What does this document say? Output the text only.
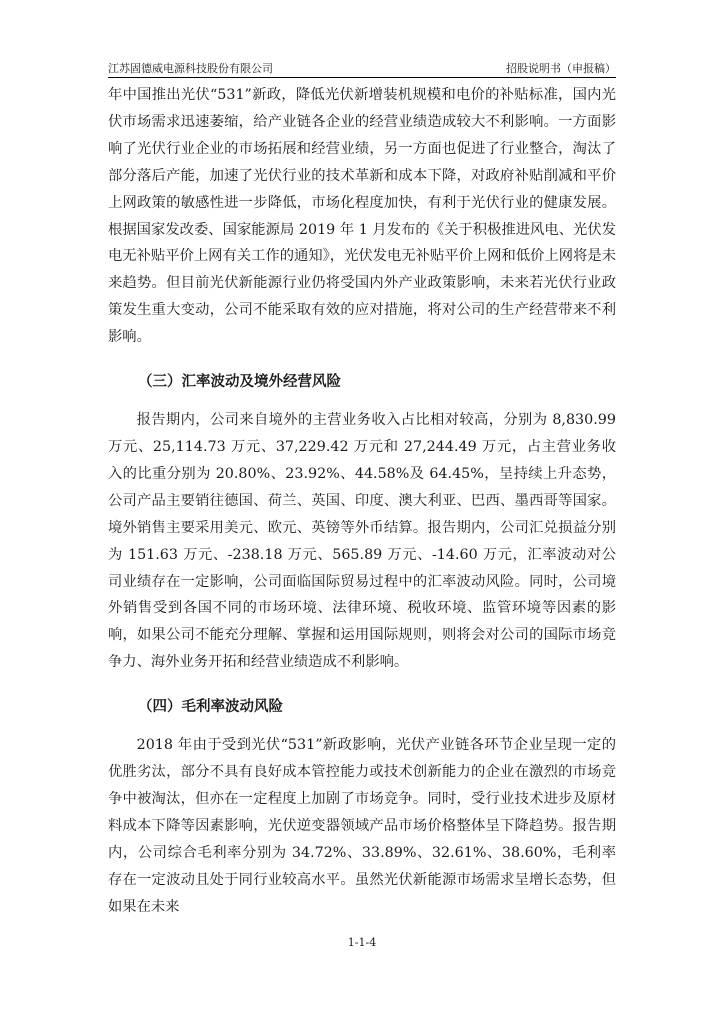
江苏固德威电源科技股份有限公司	招股说明书（申报稿）

年中国推出光伏“531”新政，降低光伏新增装机规模和电价的补贴标准，国内光伏市场需求迅速萎缩，给产业链各企业的经营业绩造成较大不利影响。一方面影响了光伏行业企业的市场拓展和经营业绩，另一方面也促进了行业整合，淘汰了部分落后产能，加速了光伏行业的技术革新和成本下降，对政府补贴削减和平价上网政策的敏感性进一步降低，市场化程度加快，有利于光伏行业的健康发展。根据国家发改委、国家能源局 2019 年 1 月发布的《关于积极推进风电、光伏发电无补贴平价上网有关工作的通知》，光伏发电无补贴平价上网和低价上网将是未来趋势。但目前光伏新能源行业仍将受国内外产业政策影响，未来若光伏行业政策发生重大变动，公司不能采取有效的应对措施，将对公司的生产经营带来不利影响。

（三）汇率波动及境外经营风险

报告期内，公司来自境外的主营业务收入占比相对较高，分别为 8,830.99 万元、25,114.73 万元、37,229.42 万元和 27,244.49 万元，占主营业务收入的比重分别为 20.80%、23.92%、44.58%及 64.45%，呈持续上升态势，公司产品主要销往德国、荷兰、英国、印度、澳大利亚、巴西、墨西哥等国家。境外销售主要采用美元、欧元、英镑等外币结算。报告期内，公司汇兑损益分别为 151.63 万元、-238.18 万元、565.89 万元、-14.60 万元，汇率波动对公司业绩存在一定影响，公司面临国际贸易过程中的汇率波动风险。同时，公司境外销售受到各国不同的市场环境、法律环境、税收环境、监管环境等因素的影响，如果公司不能充分理解、掌握和运用国际规则，则将会对公司的国际市场竞争力、海外业务开拓和经营业绩造成不利影响。

（四）毛利率波动风险

2018 年由于受到光伏“531”新政影响，光伏产业链各环节企业呈现一定的优胜劣汰，部分不具有良好成本管控能力或技术创新能力的企业在激烈的市场竞争中被淘汰，但亦在一定程度上加剧了市场竞争。同时，受行业技术进步及原材料成本下降等因素影响，光伏逆变器领域产品市场价格整体呈下降趋势。报告期内，公司综合毛利率分别为 34.72%、33.89%、32.61%、38.60%，毛利率存在一定波动且处于同行业较高水平。虽然光伏新能源市场需求呈增长态势，但如果在未来

1-1-4
